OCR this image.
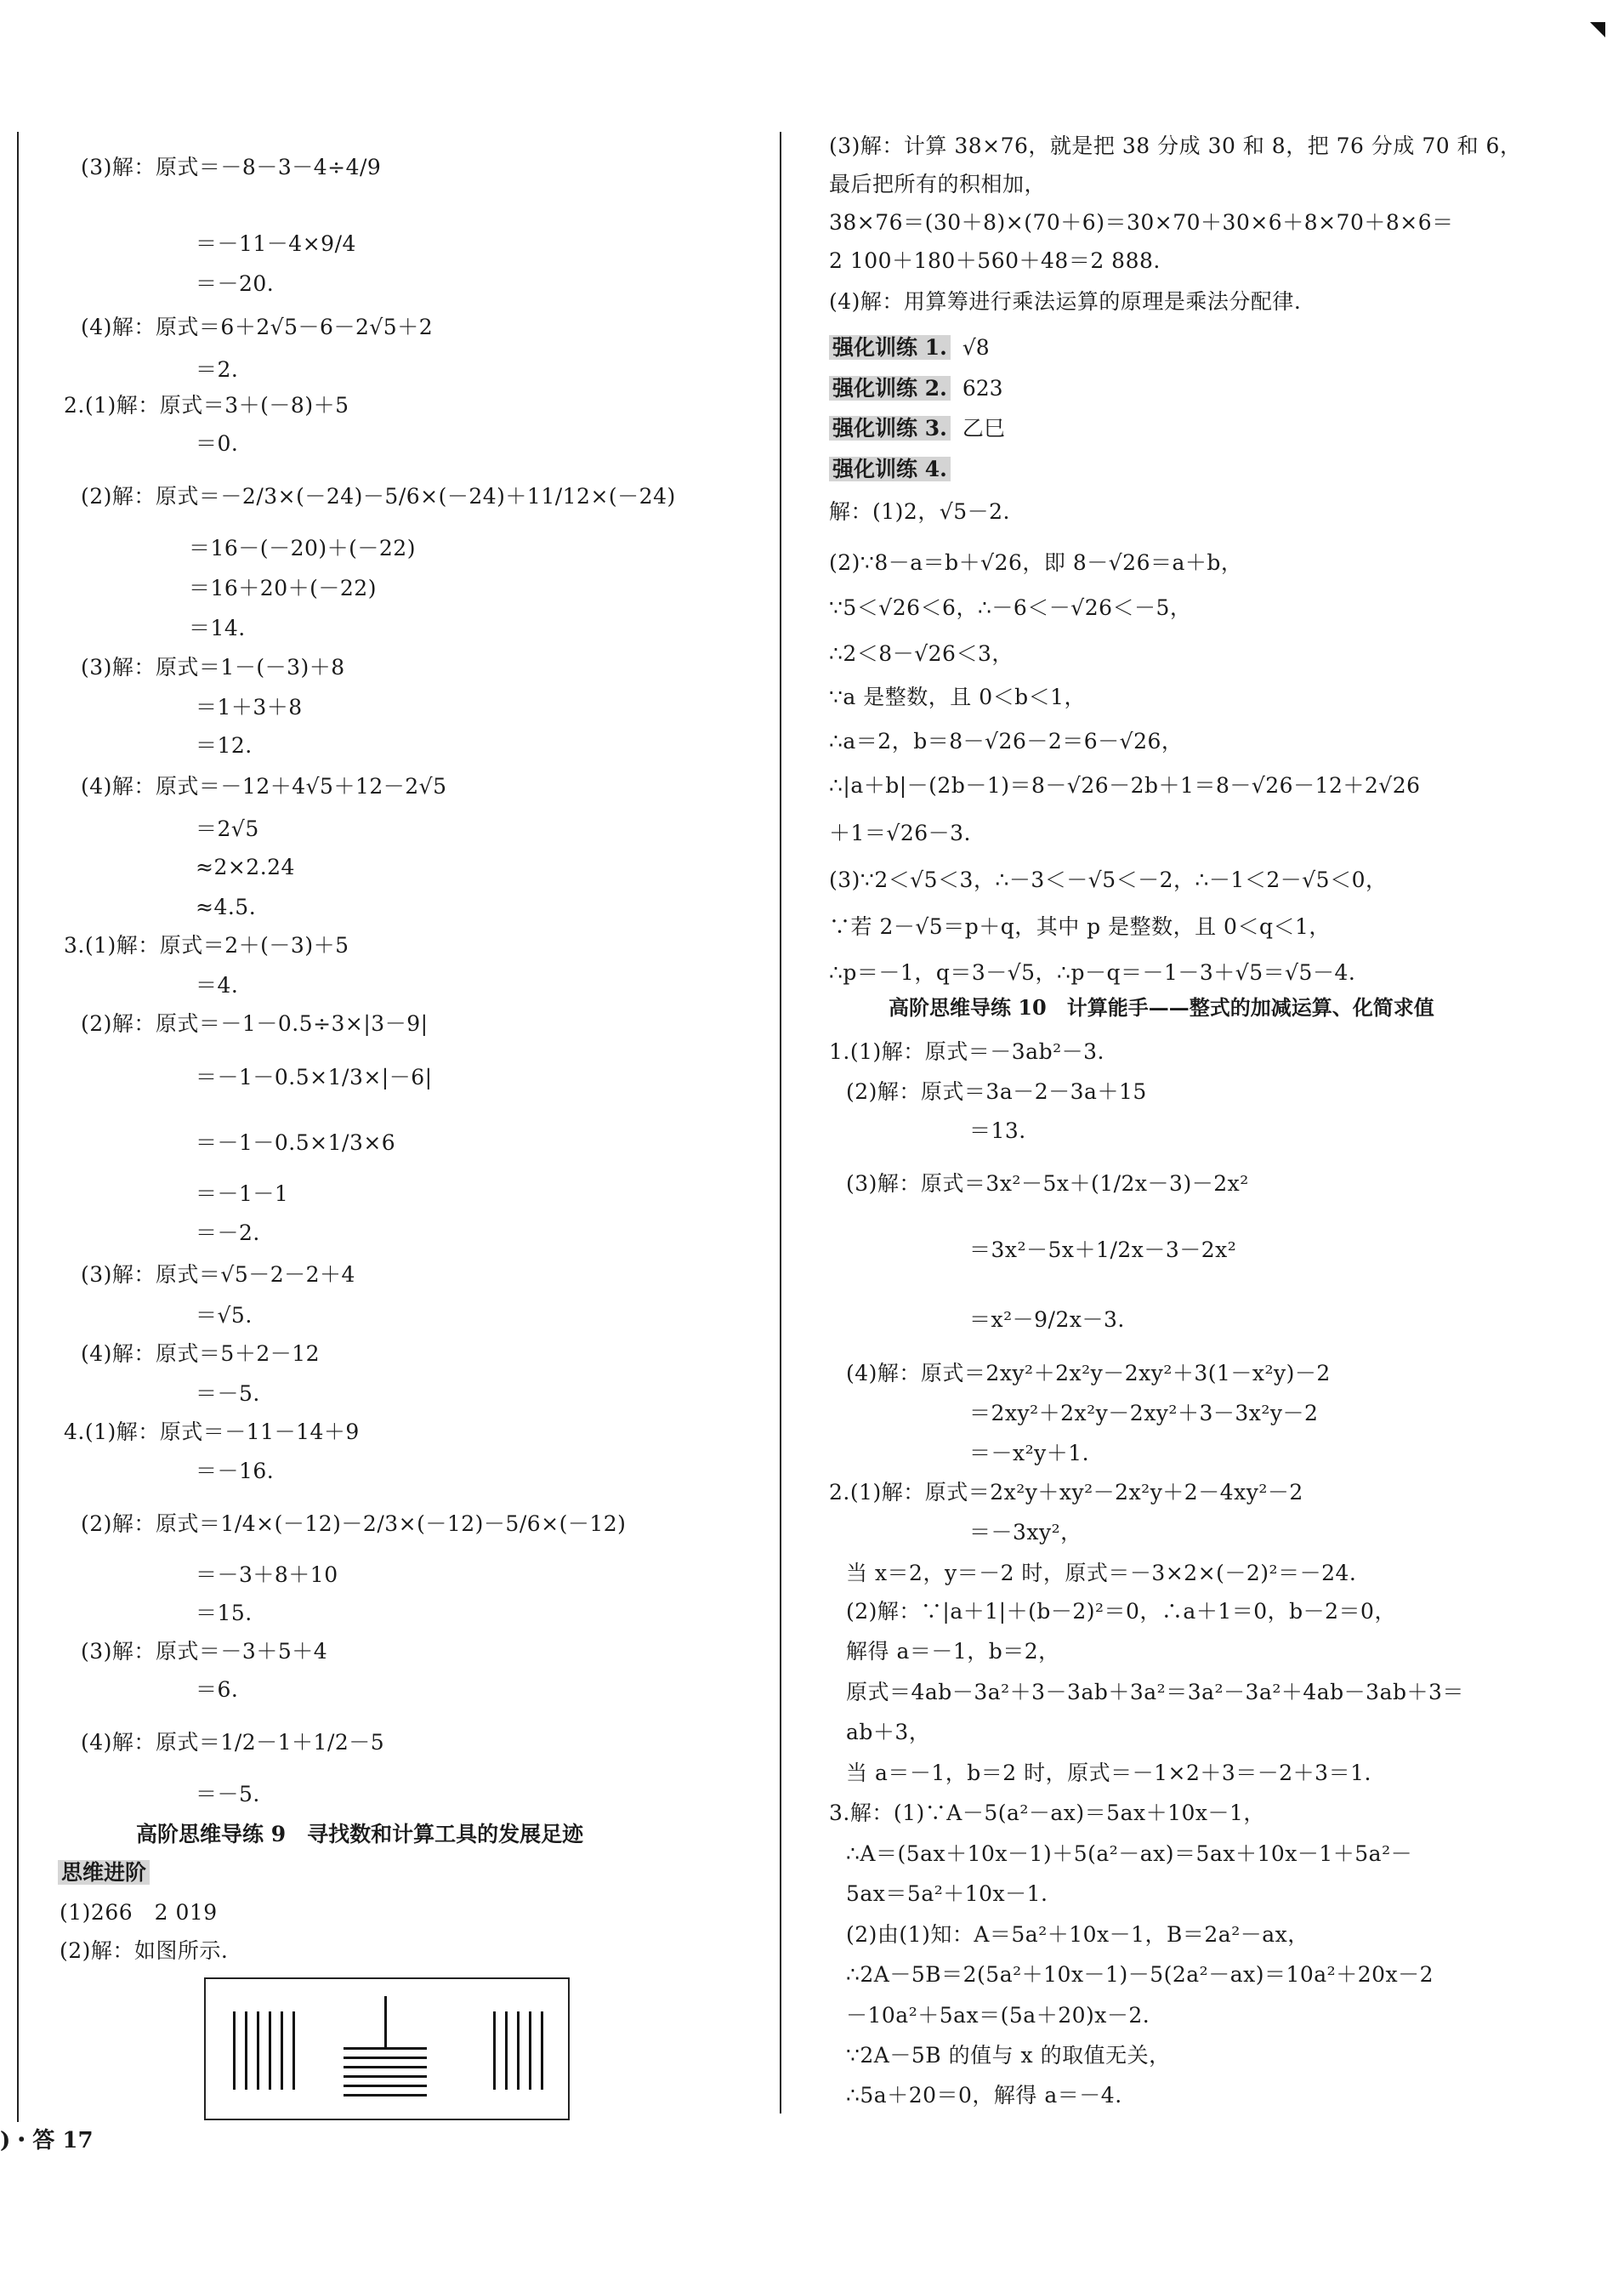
高阶思维导练 9　寻找数和计算工具的发展足迹
思维进阶
高阶思维导练 10　计算能手——整式的加减运算、化简求值
)・答 17
(3)解：原式＝－8－3－4÷4/9
＝－11－4×9/4
＝－20.
(4)解：原式＝6＋2√5－6－2√5＋2
＝2.
2.(1)解：原式＝3＋(－8)＋5
＝0.
(2)解：原式＝－2/3×(－24)－5/6×(－24)＋11/12×(－24)
＝16－(－20)＋(－22)
＝16＋20＋(－22)
＝14.
(3)解：原式＝1－(－3)＋8
＝1＋3＋8
＝12.
(4)解：原式＝－12＋4√5＋12－2√5
＝2√5
≈2×2.24
≈4.5.
3.(1)解：原式＝2＋(－3)＋5
＝4.
(2)解：原式＝－1－0.5÷3×|3－9|
＝－1－0.5×1/3×|－6|
＝－1－0.5×1/3×6
＝－1－1
＝－2.
(3)解：原式＝√5－2－2＋4
＝√5.
(4)解：原式＝5＋2－12
＝－5.
4.(1)解：原式＝－11－14＋9
＝－16.
(2)解：原式＝1/4×(－12)－2/3×(－12)－5/6×(－12)
＝－3＋8＋10
＝15.
(3)解：原式＝－3＋5＋4
＝6.
(4)解：原式＝1/2－1＋1/2－5
＝－5.
(1)266　2 019
(2)解：如图所示.
(3)解：计算 38×76，就是把 38 分成 30 和 8，把 76 分成 70 和 6，
最后把所有的积相加，
38×76＝(30＋8)×(70＋6)＝30×70＋30×6＋8×70＋8×6＝
2 100＋180＋560＋48＝2 888.
(4)解：用算筹进行乘法运算的原理是乘法分配律.
解：(1)2，√5－2.
(2)∵8－a＝b＋√26，即 8－√26＝a＋b，
∵5＜√26＜6，∴－6＜－√26＜－5，
∴2＜8－√26＜3，
∵a 是整数，且 0＜b＜1，
∴a＝2，b＝8－√26－2＝6－√26，
∴|a＋b|－(2b－1)＝8－√26－2b＋1＝8－√26－12＋2√26
＋1＝√26－3.
(3)∵2＜√5＜3，∴－3＜－√5＜－2，∴－1＜2－√5＜0，
∵若 2－√5＝p＋q，其中 p 是整数，且 0＜q＜1，
∴p＝－1，q＝3－√5，∴p－q＝－1－3＋√5＝√5－4.
1.(1)解：原式＝－3ab²－3.
(2)解：原式＝3a－2－3a＋15
＝13.
(3)解：原式＝3x²－5x＋(1/2x－3)－2x²
＝3x²－5x＋1/2x－3－2x²
＝x²－9/2x－3.
(4)解：原式＝2xy²＋2x²y－2xy²＋3(1－x²y)－2
＝2xy²＋2x²y－2xy²＋3－3x²y－2
＝－x²y＋1.
2.(1)解：原式＝2x²y＋xy²－2x²y＋2－4xy²－2
＝－3xy²，
当 x＝2，y＝－2 时，原式＝－3×2×(－2)²＝－24.
(2)解：∵|a＋1|＋(b－2)²＝0，∴a＋1＝0，b－2＝0，
解得 a＝－1，b＝2，
原式＝4ab－3a²＋3－3ab＋3a²＝3a²－3a²＋4ab－3ab＋3＝
ab＋3，
当 a＝－1，b＝2 时，原式＝－1×2＋3＝－2＋3＝1.
3.解：(1)∵A－5(a²－ax)＝5ax＋10x－1，
∴A＝(5ax＋10x－1)＋5(a²－ax)＝5ax＋10x－1＋5a²－
5ax＝5a²＋10x－1.
(2)由(1)知：A＝5a²＋10x－1，B＝2a²－ax，
∴2A－5B＝2(5a²＋10x－1)－5(2a²－ax)＝10a²＋20x－2
－10a²＋5ax＝(5a＋20)x－2.
∵2A－5B 的值与 x 的取值无关，
∴5a＋20＝0，解得 a＝－4.
强化训练 1. √8
强化训练 2. 623
强化训练 3. 乙巳
强化训练 4.
